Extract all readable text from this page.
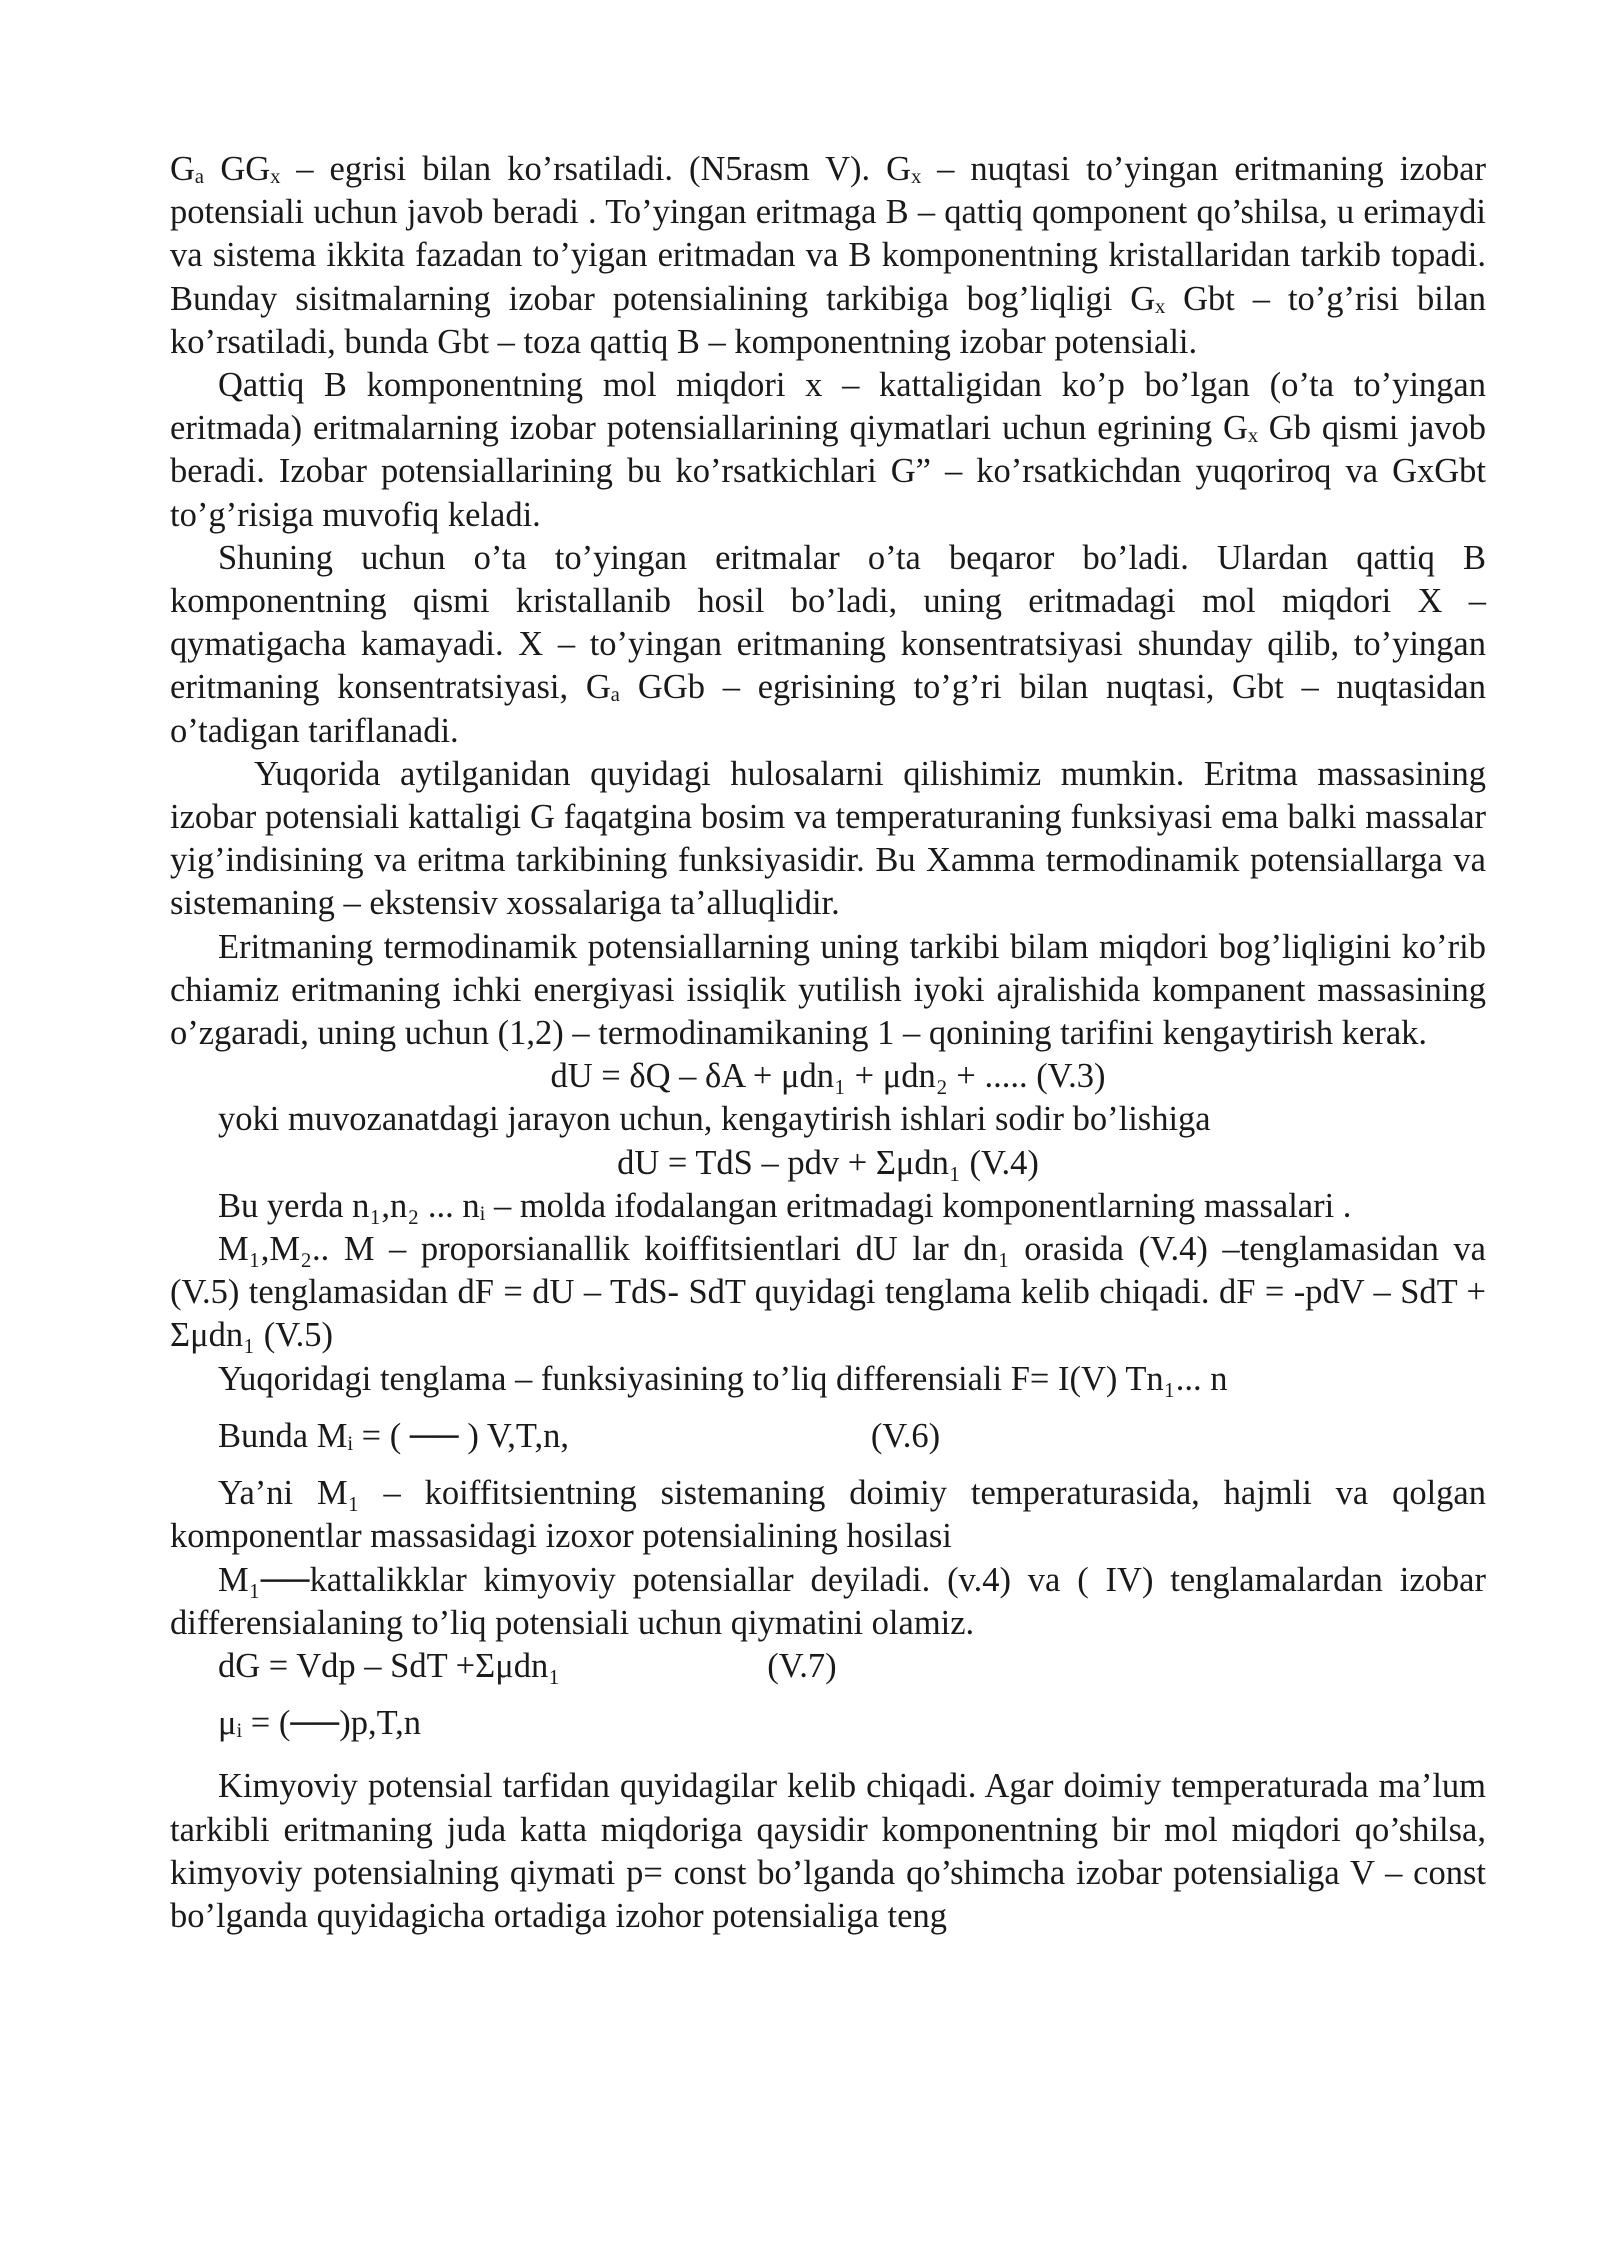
Gₐ GGₓ – egrisi bilan ko’rsatiladi. (N5rasm V). Gₓ – nuqtasi to’yingan eritmaning izobar potensiali uchun javob beradi . To’yingan eritmaga B – qattiq qomponent qo’shilsa, u erimaydi va sistema ikkita fazadan to’yigan eritmadan va B komponentning kristallaridan tarkib topadi. Bunday sisitmalarning izobar potensialining tarkibiga bog’liqligi Gₓ Gbt – to’g’risi bilan ko’rsatiladi, bunda Gbt – toza qattiq B – komponentning izobar potensiali.

Qattiq B komponentning mol miqdori x – kattaligidan ko’p bo’lgan (o’ta to’yingan eritmada) eritmalarning izobar potensiallarining qiymatlari uchun egrining Gₓ Gb qismi javob beradi. Izobar potensiallarining bu ko’rsatkichlari G” – ko’rsatkichdan yuqoriroq va GxGbt to’g’risiga muvofiq keladi.

Shuning uchun o’ta to’yingan eritmalar o’ta beqaror bo’ladi. Ulardan qattiq B komponentning qismi kristallanib hosil bo’ladi, uning eritmadagi mol miqdori X – qymatigacha kamayadi. X – to’yingan eritmaning konsentratsiyasi shunday qilib, to’yingan eritmaning konsentratsiyasi, Gₐ GGb – egrisining to’g’ri bilan nuqtasi, Gbt – nuqtasidan o’tadigan tariflanadi.

Yuqorida aytilganidan quyidagi hulosalarni qilishimiz mumkin. Eritma massasining izobar potensiali kattaligi G faqatgina bosim va temperaturaning funksiyasi ema balki massalar yig’indisining va eritma tarkibining funksiyasidir. Bu Xamma termodinamik potensiallarga va sistemaning – ekstensiv xossalariga ta’alluqlidir.

Eritmaning termodinamik potensiallarning uning tarkibi bilam miqdori bog’liqligini ko’rib chiamiz eritmaning ichki energiyasi issiqlik yutilish iyoki ajralishida kompanent massasining o’zgaradi, uning uchun (1,2) – termodinamikaning 1 – qonining tarifini kengaytirish kerak.

dU = δQ – δA + μdn₁ + μdn₂ + ..... (V.3)

yoki muvozanatdagi jarayon uchun, kengaytirish ishlari sodir bo’lishiga

dU = TdS – pdv + Σμdn₁ (V.4)

Bu yerda n₁,n₂ ... nᵢ – molda ifodalangan eritmadagi komponentlarning massalari .

M₁,M₂.. M – proporsianallik koiffitsientlari dU lar dn₁ orasida (V.4) –tenglamasidan va (V.5) tenglamasidan dF = dU – TdS- SdT quyidagi tenglama kelib chiqadi. dF = -pdV – SdT + Σμdn₁ (V.5)

Yuqoridagi tenglama – funksiyasining to’liq differensiali F= I(V) Tn₁... n

Bunda Mᵢ = ( ── ) V,T,n,                                   (V.6)

Ya’ni M₁ – koiffitsientning sistemaning doimiy temperaturasida, hajmli va qolgan komponentlar massasidagi izoxor potensialining hosilasi

M₁──kattalikklar kimyoviy potensiallar deyiladi. (v.4) va ( IV) tenglamalardan izobar differensialaning to’liq potensiali uchun qiymatini olamiz.

dG = Vdp – SdT +Σμdn₁                        (V.7)

μᵢ = (──)p,T,n

Kimyoviy potensial tarfidan quyidagilar kelib chiqadi. Agar doimiy temperaturada ma’lum tarkibli eritmaning juda katta miqdoriga qaysidir komponentning bir mol miqdori qo’shilsa, kimyoviy potensialning qiymati p= const bo’lganda qo’shimcha izobar potensialiga V – const bo’lganda quyidagicha ortadiga izohor potensialiga teng
